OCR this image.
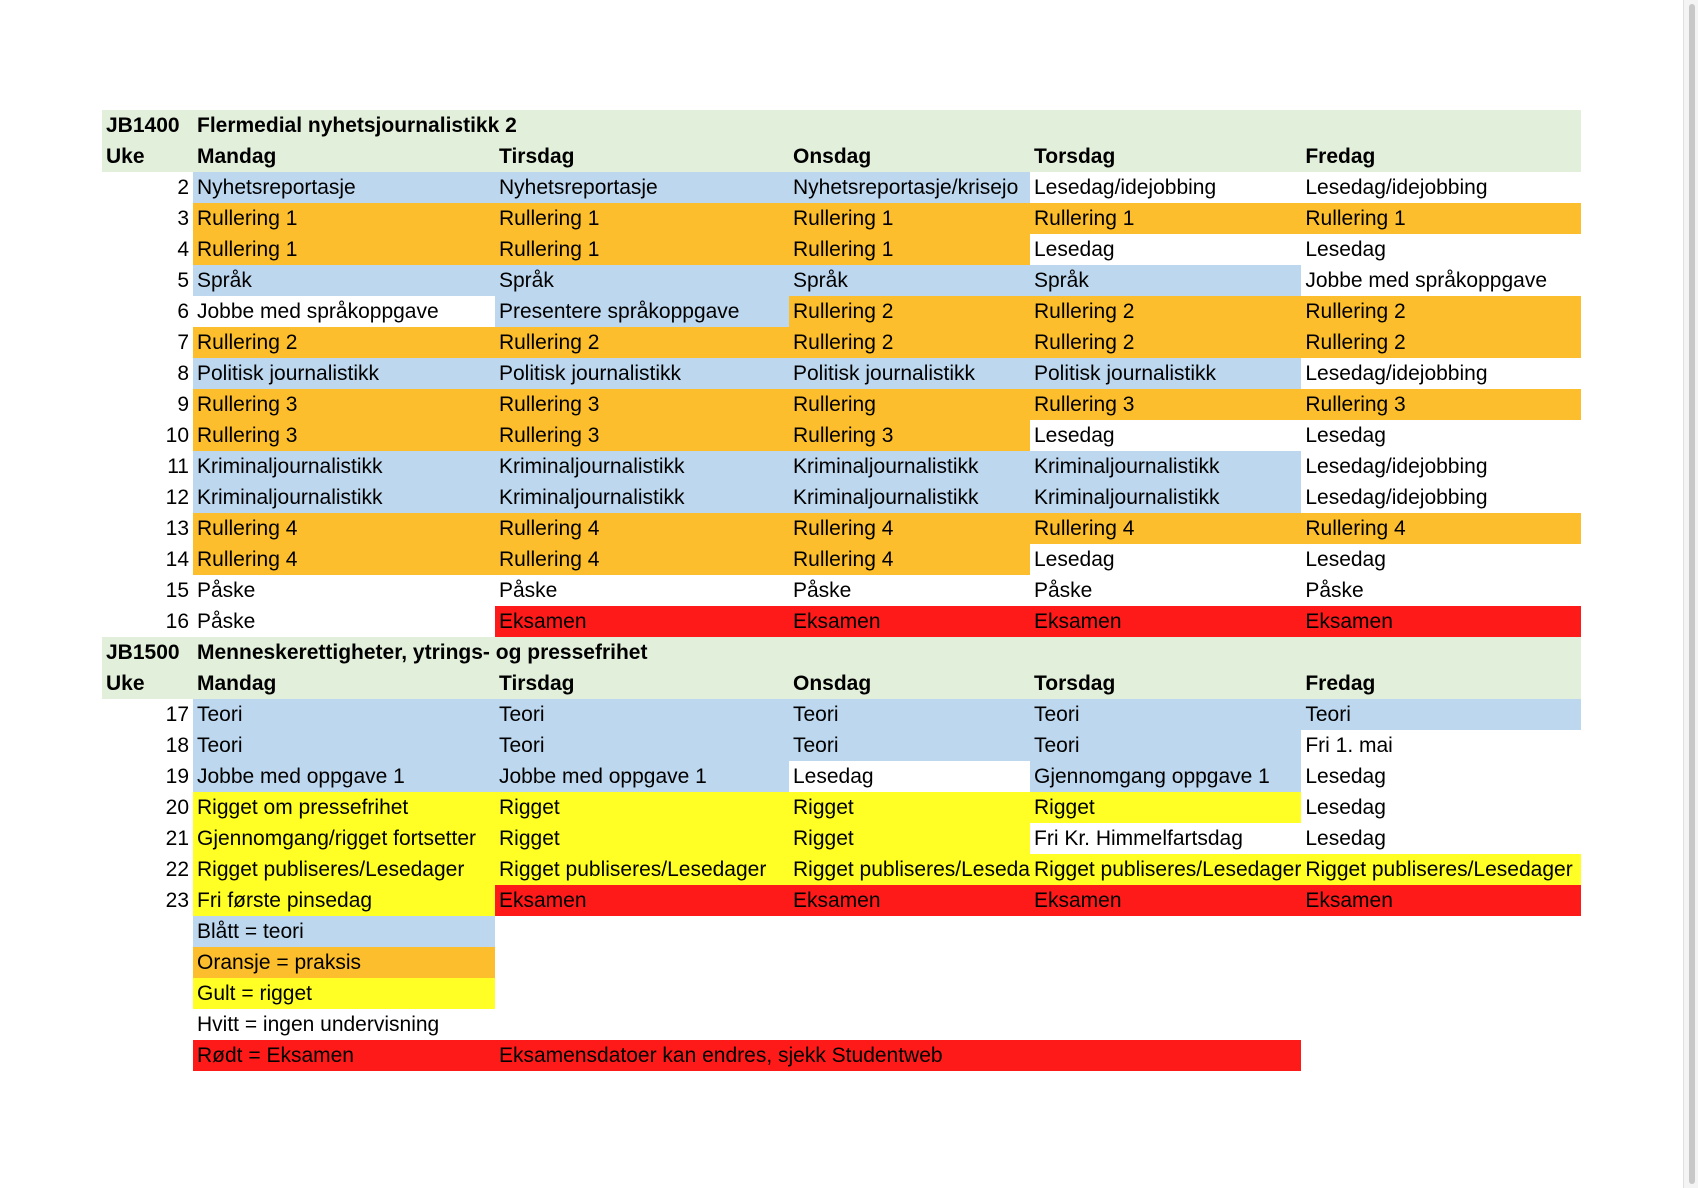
JB1400	Flermedial nyhetsjournalistikk 2				
Uke	Mandag	Tirsdag	Onsdag	Torsdag	Fredag
2	Nyhetsreportasje	Nyhetsreportasje	Nyhetsreportasje/krisejo	Lesedag/idejobbing	Lesedag/idejobbing
3	Rullering 1	Rullering 1	Rullering 1	Rullering 1	Rullering 1
4	Rullering 1	Rullering 1	Rullering 1	Lesedag	Lesedag
5	Språk	Språk	Språk	Språk	Jobbe med språkoppgave
6	Jobbe med språkoppgave	Presentere språkoppgave	Rullering 2	Rullering 2	Rullering 2
7	Rullering 2	Rullering 2	Rullering 2	Rullering 2	Rullering 2
8	Politisk journalistikk	Politisk journalistikk	Politisk journalistikk	Politisk journalistikk	Lesedag/idejobbing
9	Rullering 3	Rullering 3	Rullering	Rullering 3	Rullering 3
10	Rullering 3	Rullering 3	Rullering 3	Lesedag	Lesedag
11	Kriminaljournalistikk	Kriminaljournalistikk	Kriminaljournalistikk	Kriminaljournalistikk	Lesedag/idejobbing
12	Kriminaljournalistikk	Kriminaljournalistikk	Kriminaljournalistikk	Kriminaljournalistikk	Lesedag/idejobbing
13	Rullering 4	Rullering 4	Rullering 4	Rullering 4	Rullering 4
14	Rullering 4	Rullering 4	Rullering 4	Lesedag	Lesedag
15	Påske	Påske	Påske	Påske	Påske
16	Påske	Eksamen	Eksamen	Eksamen	Eksamen
JB1500	Menneskerettigheter, ytrings- og pressefrihet				
Uke	Mandag	Tirsdag	Onsdag	Torsdag	Fredag
17	Teori	Teori	Teori	Teori	Teori
18	Teori	Teori	Teori	Teori	Fri 1. mai
19	Jobbe med oppgave 1	Jobbe med oppgave 1	Lesedag	Gjennomgang oppgave 1	Lesedag
20	Rigget om pressefrihet	Rigget	Rigget	Rigget	Lesedag
21	Gjennomgang/rigget fortsetter	Rigget	Rigget	Fri Kr. Himmelfartsdag	Lesedag
22	Rigget publiseres/Lesedager	Rigget publiseres/Lesedager	Rigget publiseres/Leseda	Rigget publiseres/Lesedager	Rigget publiseres/Lesedager
23	Fri første pinsedag	Eksamen	Eksamen	Eksamen	Eksamen
	Blått = teori				
	Oransje = praksis				
	Gult = rigget				
	Hvitt = ingen undervisning				
	Rødt = Eksamen	Eksamensdatoer kan endres, sjekk Studentweb			
